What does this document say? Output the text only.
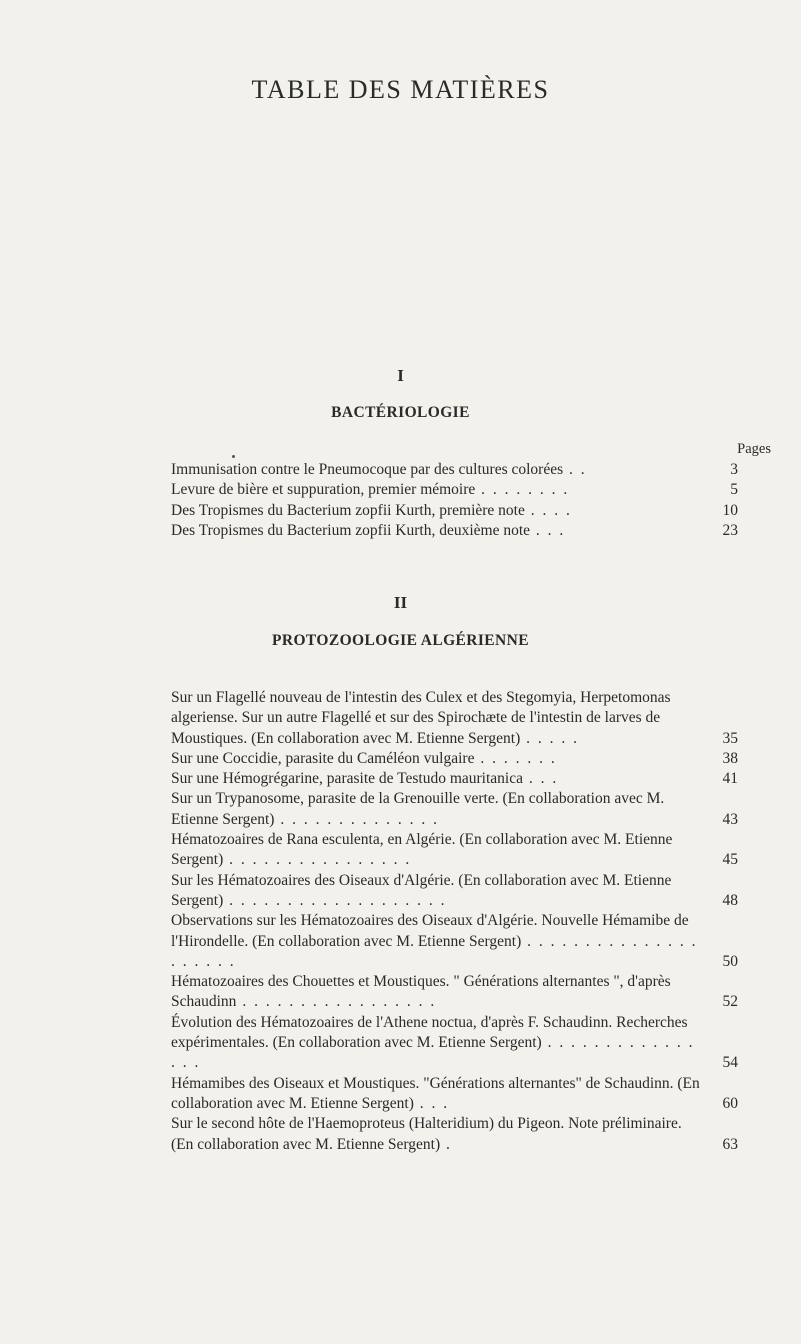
TABLE DES MATIÈRES
I
BACTÉRIOLOGIE
Pages
Immunisation contre le Pneumocoque par des cultures colorées . .	3
Levure de bière et suppuration, premier mémoire . . . . . . . .	5
Des Tropismes du Bacterium zopfii Kurth, première note . . . .	10
Des Tropismes du Bacterium zopfii Kurth, deuxième note . . .	23
II
PROTOZOOLOGIE ALGÉRIENNE
Sur un Flagellé nouveau de l'intestin des Culex et des Stegomyia, Herpetomonas algeriense. Sur un autre Flagellé et sur des Spirochæte de l'intestin de larves de Moustiques. (En collaboration avec M. Etienne Sergent) . . . . .	35
Sur une Coccidie, parasite du Caméléon vulgaire . . . . . . .	38
Sur une Hémogrégarine, parasite de Testudo mauritanica . . .	41
Sur un Trypanosome, parasite de la Grenouille verte. (En collaboration avec M. Etienne Sergent) . . . . . . . . . . . . . .	43
Hématozoaires de Rana esculenta, en Algérie. (En collaboration avec M. Etienne Sergent) . . . . . . . . . . . . . . . .	45
Sur les Hématozoaires des Oiseaux d'Algérie. (En collaboration avec M. Etienne Sergent) . . . . . . . . . . . . . . . . . . .	48
Observations sur les Hématozoaires des Oiseaux d'Algérie. Nouvelle Hémamibe de l'Hirondelle. (En collaboration avec M. Etienne Sergent) . . . . . . . . . . . . . . . . . . . . .	50
Hématozoaires des Chouettes et Moustiques. " Générations alternantes ", d'après Schaudinn . . . . . . . . . . . . . . . . .	52
Évolution des Hématozoaires de l'Athene noctua, d'après F. Schaudinn. Recherches expérimentales. (En collaboration avec M. Etienne Sergent) . . . . . . . . . . . . . . . .	54
Hémamibes des Oiseaux et Moustiques. "Générations alternantes" de Schaudinn. (En collaboration avec M. Etienne Sergent) . . .	60
Sur le second hôte de l'Haemoproteus (Halteridium) du Pigeon. Note préliminaire. (En collaboration avec M. Etienne Sergent) .	63
